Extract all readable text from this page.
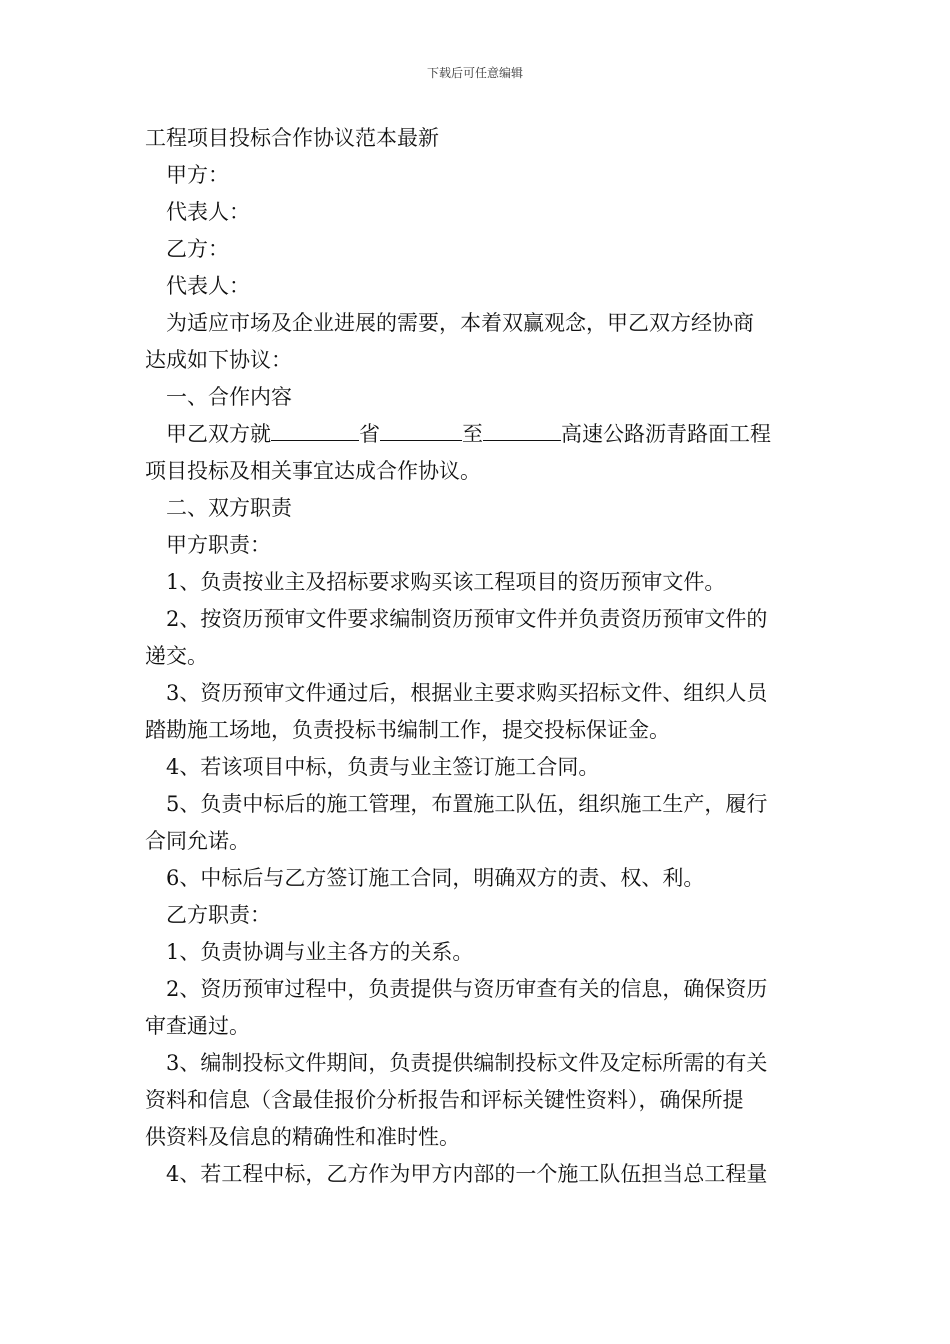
下载后可任意编辑
工程项目投标合作协议范本最新
甲方：
代表人：
乙方：
代表人：
为适应市场及企业进展的需要，本着双赢观念，甲乙双方经协商
达成如下协议：
一、合作内容
甲乙双方就	省	至	高速公路沥青路面工程
项目投标及相关事宜达成合作协议。
二、双方职责
甲方职责：
1、负责按业主及招标要求购买该工程项目的资历预审文件。
2、按资历预审文件要求编制资历预审文件并负责资历预审文件的
递交。
3、资历预审文件通过后，根据业主要求购买招标文件、组织人员
踏勘施工场地，负责投标书编制工作，提交投标保证金。
4、若该项目中标，负责与业主签订施工合同。
5、负责中标后的施工管理，布置施工队伍，组织施工生产，履行
合同允诺。
6、中标后与乙方签订施工合同，明确双方的责、权、利。
乙方职责：
1、负责协调与业主各方的关系。
2、资历预审过程中，负责提供与资历审查有关的信息，确保资历
审查通过。
3、编制投标文件期间，负责提供编制投标文件及定标所需的有关
资料和信息（含最佳报价分析报告和评标关键性资料），确保所提
供资料及信息的精确性和准时性。
4、若工程中标，乙方作为甲方内部的一个施工队伍担当总工程量
